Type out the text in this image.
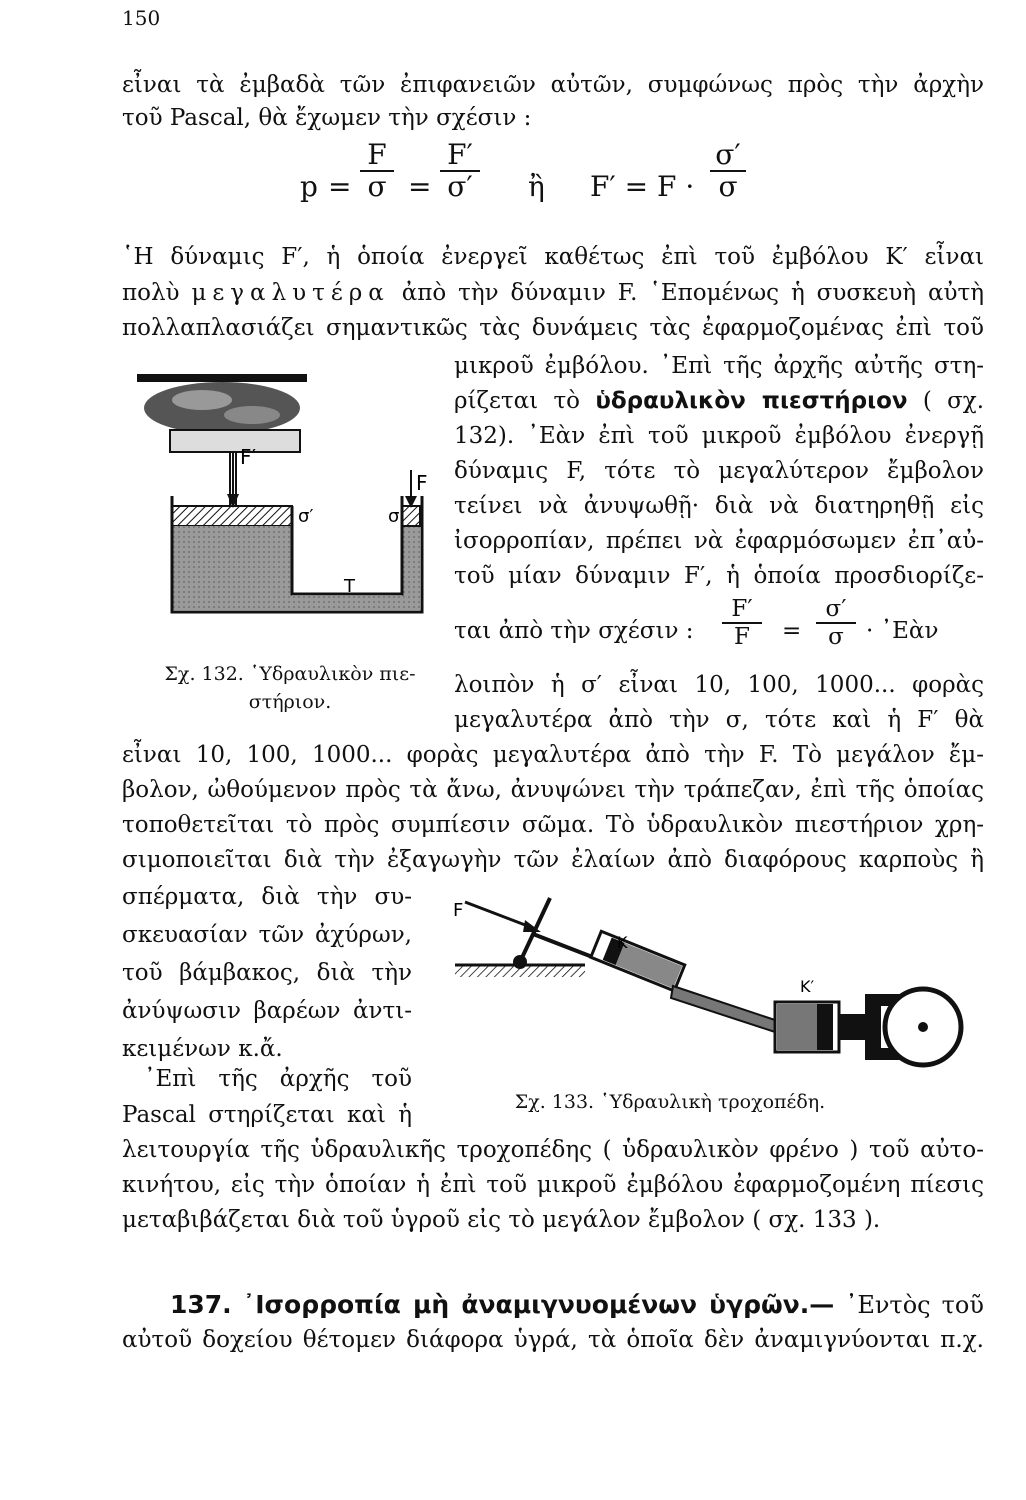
150
εἶναι τὰ ἐμβαδὰ τῶν ἐπιφανειῶν αὐτῶν, συμφώνως πρὸς τὴν ἀρχὴν
τοῦ Pascal, θὰ ἔχωμεν τὴν σχέσιν :
p =
F
σ =
F′
σ′ ἢ F′ = F ·
σ′
σ
῾Η δύναμις F′, ἡ ὁποία ἐνεργεῖ καθέτως ἐπὶ τοῦ ἐμβόλου K′ εἶναι
πολὺ μεγαλυτέρα ἀπὸ τὴν δύναμιν F. ῾Επομένως ἡ συσκευὴ αὐτὴ
πολλαπλασιάζει σημαντικῶς τὰς δυνάμεις τὰς ἐφαρμοζομένας ἐπὶ τοῦ
μικροῦ ἐμβόλου. ᾿Επὶ τῆς ἀρχῆς αὐτῆς στη-
ρίζεται τὸ ὑδραυλικὸν πιεστήριον ( σχ.
132). ᾿Εὰν ἐπὶ τοῦ μικροῦ ἐμβόλου ἐνεργῇ
δύναμις F, τότε τὸ μεγαλύτερον ἔμβολον
τείνει νὰ ἀνυψωθῇ· διὰ νὰ διατηρηθῇ εἰς
ἰσορροπίαν, πρέπει νὰ ἐφαρμόσωμεν ἐπ᾿αὐ-
τοῦ μίαν δύναμιν F′, ἡ ὁποία προσδιορίζε-
ται ἀπὸ τὴν σχέσιν :
F′
F	=
σ′
σ · ᾿Εὰν
λοιπὸν ἡ σ′ εἶναι 10, 100, 1000... φορὰς
μεγαλυτέρα ἀπὸ τὴν σ, τότε καὶ ἡ F′ θὰ
F′
F
σ′	σ
T
Σχ. 132. ῾Υδραυλικὸν πιε-
στήριον.
εἶναι 10, 100, 1000... φορὰς μεγαλυτέρα ἀπὸ τὴν F. Τὸ μεγάλον ἔμ-
βολον, ὠθούμενον πρὸς τὰ ἄνω, ἀνυψώνει τὴν τράπεζαν, ἐπὶ τῆς ὁποίας
τοποθετεῖται τὸ πρὸς συμπίεσιν σῶμα. Τὸ ὑδραυλικὸν πιεστήριον χρη-
σιμοποιεῖται διὰ τὴν ἐξαγωγὴν τῶν ἐλαίων ἀπὸ διαφόρους καρποὺς ἢ
σπέρματα, διὰ τὴν συ-
σκευασίαν τῶν ἀχύρων,
τοῦ βάμβακος, διὰ τὴν
ἀνύψωσιν βαρέων ἀντι-
κειμένων κ.ἄ.
᾿Επὶ τῆς ἀρχῆς τοῦ
Pascal στηρίζεται καὶ ἡ
F
K
K′
Σχ. 133. ῾Υδραυλικὴ τροχοπέδη.
λειτουργία τῆς ὑδραυλικῆς τροχοπέδης ( ὑδραυλικὸν φρένο ) τοῦ αὐτο-
κινήτου, εἰς τὴν ὁποίαν ἡ ἐπὶ τοῦ μικροῦ ἐμβόλου ἐφαρμοζομένη πίεσις
μεταβιβάζεται διὰ τοῦ ὑγροῦ εἰς τὸ μεγάλον ἔμβολον ( σχ. 133 ).
137. ᾿Ισορροπία μὴ ἀναμιγνυομένων ὑγρῶν.— ᾿Εντὸς τοῦ
αὐτοῦ δοχείου θέτομεν διάφορα ὑγρά, τὰ ὁποῖα δὲν ἀναμιγνύονται π.χ.
